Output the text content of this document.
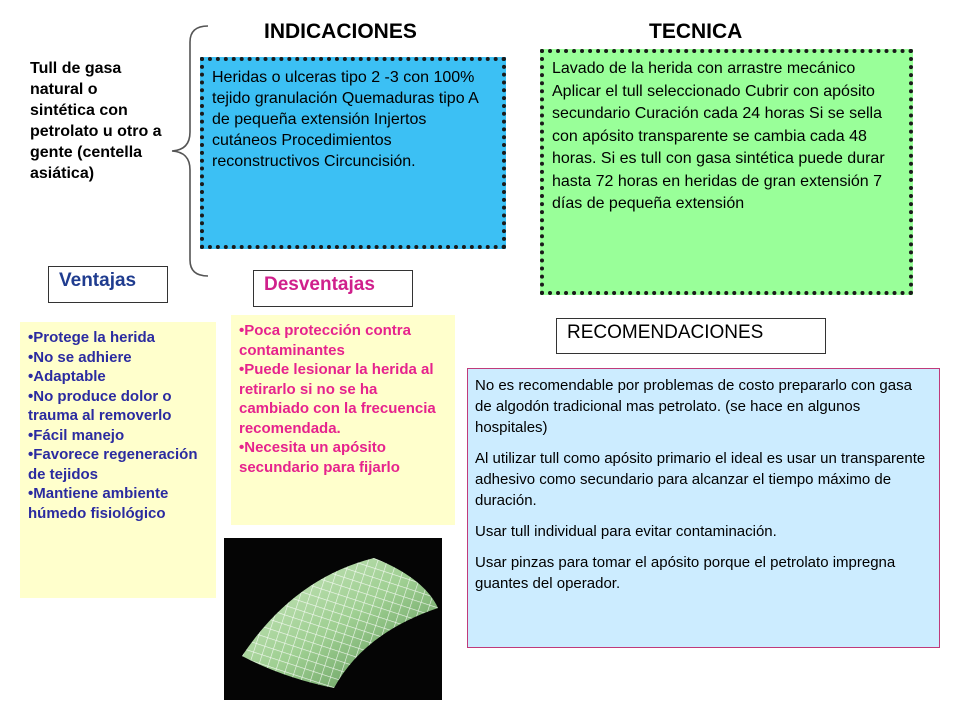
INDICACIONES	TECNICA
Tull de gasa natural o sintética con petrolato u otro a gente (centella asiática)
Heridas o ulceras tipo 2 -3 con 100% tejido granulación Quemaduras tipo A de pequeña extensión Injertos cutáneos Procedimientos reconstructivos Circuncisión.
Lavado de la herida con arrastre mecánico Aplicar el tull seleccionado Cubrir con apósito secundario Curación cada 24 horas Si se sella con apósito transparente se cambia cada 48 horas. Si es tull con gasa sintética puede durar hasta 72 horas en heridas de gran extensión 7 días de pequeña extensión
Ventajas	Desventajas
RECOMENDACIONES
•Protege la herida
•No se adhiere
•Adaptable
•No produce dolor o trauma al removerlo
•Fácil manejo
•Favorece regeneración de tejidos
•Mantiene ambiente húmedo fisiológico
•Poca protección contra contaminantes
•Puede lesionar la herida al retirarlo si no se ha cambiado con la frecuencia recomendada.
•Necesita un apósito secundario para fijarlo

No es recomendable por problemas de costo prepararlo con gasa de algodón tradicional mas petrolato. (se hace en algunos hospitales)

Al utilizar tull como apósito primario el ideal es usar un transparente adhesivo como secundario para alcanzar el tiempo máximo de duración.

Usar tull individual para evitar contaminación.

Usar pinzas para tomar el apósito porque el petrolato impregna guantes del operador.
